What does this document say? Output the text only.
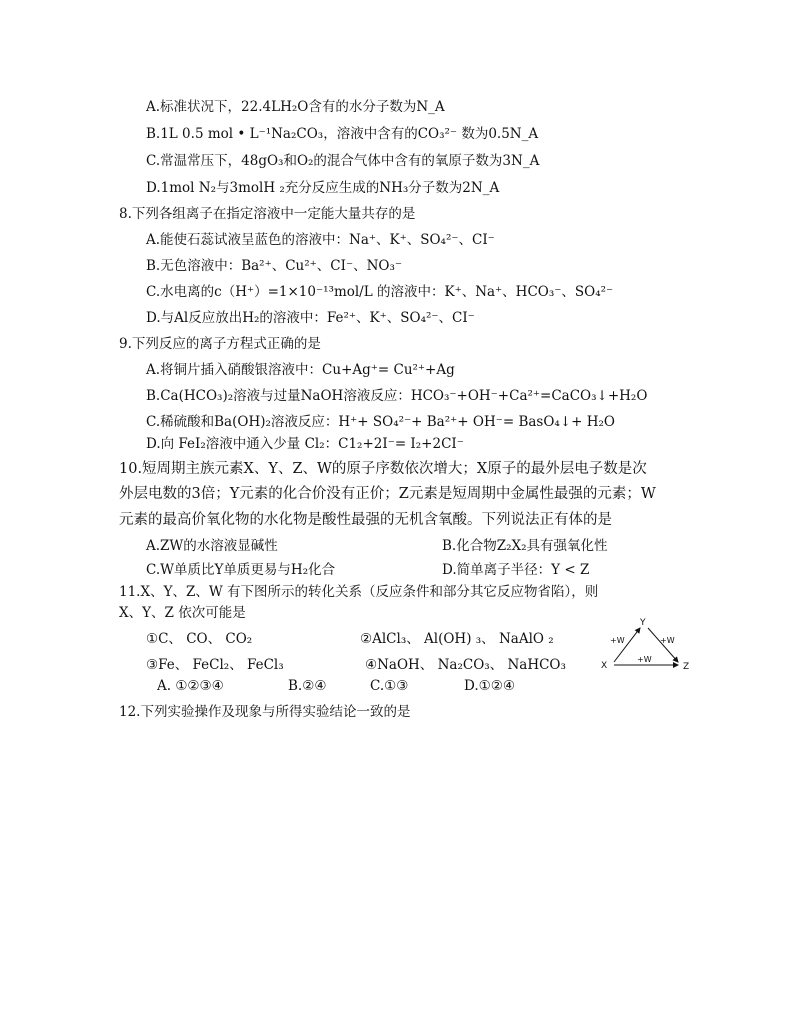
A.标准状况下，22.4LH₂O含有的水分子数为N_A
B.1L 0.5 mol • L⁻¹Na₂CO₃，溶液中含有的CO₃²⁻ 数为0.5N_A
C.常温常压下，48gO₃和O₂的混合气体中含有的氧原子数为3N_A
D.1mol N₂与3molH ₂充分反应生成的NH₃分子数为2N_A
8.下列各组离子在指定溶液中一定能大量共存的是
A.能使石蕊试液呈蓝色的溶液中：Na⁺、K⁺、SO₄²⁻、CI⁻
B.无色溶液中：Ba²⁺、Cu²⁺、CI⁻、NO₃⁻
C.水电离的c（H⁺）=1×10⁻¹³mol/L 的溶液中：K⁺、Na⁺、HCO₃⁻、SO₄²⁻
D.与Al反应放出H₂的溶液中：Fe²⁺、K⁺、SO₄²⁻、CI⁻
9.下列反应的离子方程式正确的是
A.将铜片插入硝酸银溶液中：Cu+Ag⁺= Cu²⁺+Ag
B.Ca(HCO₃)₂溶液与过量NaOH溶液反应：HCO₃⁻+OH⁻+Ca²⁺=CaCO₃↓+H₂O
C.稀硫酸和Ba(OH)₂溶液反应：H⁺+ SO₄²⁻+ Ba²⁺+ OH⁻= BasO₄↓+ H₂O
D.向 FeI₂溶液中通入少量 Cl₂：C1₂+2I⁻= I₂+2CI⁻
10.短周期主族元素X、Y、Z、W的原子序数依次增大；X原子的最外层电子数是次
外层电数的3倍；Y元素的化合价没有正价；Z元素是短周期中金属性最强的元素；W
元素的最高价氧化物的水化物是酸性最强的无机含氧酸。下列说法正有体的是
A.ZW的水溶液显碱性	B.化合物Z₂X₂具有强氧化性
C.W单质比Y单质更易与H₂化合	D.简单离子半径：Y < Z
11.X、Y、Z、W 有下图所示的转化关系（反应条件和部分其它反应物省陷），则
X、Y、Z 依次可能是
①C、 CO、 CO₂	②AlCl₃、 Al(OH) ₃、 NaAlO ₂
③Fe、 FeCl₂、 FeCl₃	④NaOH、 Na₂CO₃、 NaHCO₃
A. ①②③④	B.②④	C.①③	D.①②④
Y
X	Z
+W	+W
+W
12.下列实验操作及现象与所得实验结论一致的是
